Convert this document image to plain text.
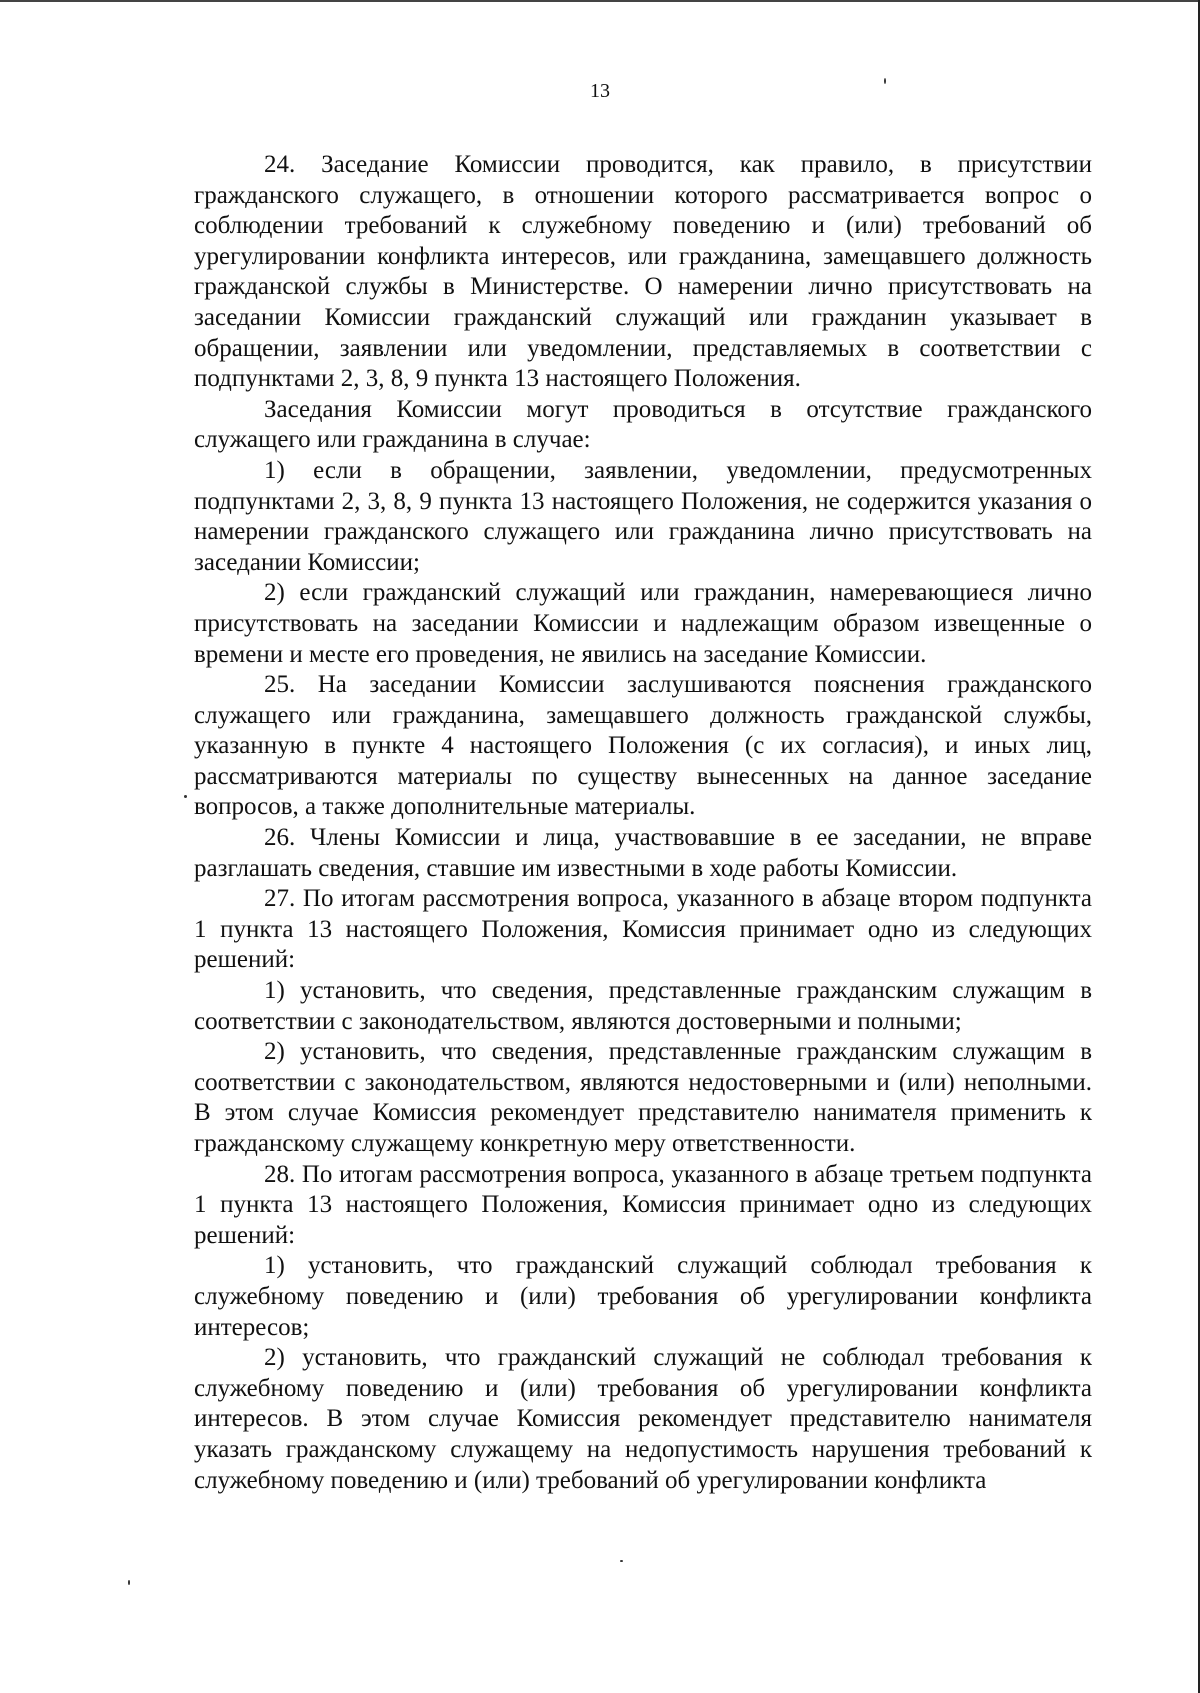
13

24. Заседание Комиссии проводится, как правило, в присутствии гражданского служащего, в отношении которого рассматривается вопрос о соблюдении требований к служебному поведению и (или) требований об урегулировании конфликта интересов, или гражданина, замещавшего должность гражданской службы в Министерстве. О намерении лично присутствовать на заседании Комиссии гражданский служащий или гражданин указывает в обращении, заявлении или уведомлении, представляемых в соответствии с подпунктами 2, 3, 8, 9 пункта 13 настоящего Положения.

Заседания Комиссии могут проводиться в отсутствие гражданского служащего или гражданина в случае:

1) если в обращении, заявлении, уведомлении, предусмотренных подпунктами 2, 3, 8, 9 пункта 13 настоящего Положения, не содержится указания о намерении гражданского служащего или гражданина лично присутствовать на заседании Комиссии;

2) если гражданский служащий или гражданин, намеревающиеся лично присутствовать на заседании Комиссии и надлежащим образом извещенные о времени и месте его проведения, не явились на заседание Комиссии.

25. На заседании Комиссии заслушиваются пояснения гражданского служащего или гражданина, замещавшего должность гражданской службы, указанную в пункте 4 настоящего Положения (с их согласия), и иных лиц, рассматриваются материалы по существу вынесенных на данное заседание вопросов, а также дополнительные материалы.

26. Члены Комиссии и лица, участвовавшие в ее заседании, не вправе разглашать сведения, ставшие им известными в ходе работы Комиссии.

27. По итогам рассмотрения вопроса, указанного в абзаце втором подпункта 1 пункта 13 настоящего Положения, Комиссия принимает одно из следующих решений:

1) установить, что сведения, представленные гражданским служащим в соответствии с законодательством, являются достоверными и полными;

2) установить, что сведения, представленные гражданским служащим в соответствии с законодательством, являются недостоверными и (или) неполными. В этом случае Комиссия рекомендует представителю нанимателя применить к гражданскому служащему конкретную меру ответственности.

28. По итогам рассмотрения вопроса, указанного в абзаце третьем подпункта 1 пункта 13 настоящего Положения, Комиссия принимает одно из следующих решений:

1) установить, что гражданский служащий соблюдал требования к служебному поведению и (или) требования об урегулировании конфликта интересов;

2) установить, что гражданский служащий не соблюдал требования к служебному поведению и (или) требования об урегулировании конфликта интересов. В этом случае Комиссия рекомендует представителю нанимателя указать гражданскому служащему на недопустимость нарушения требований к служебному поведению и (или) требований об урегулировании конфликта
